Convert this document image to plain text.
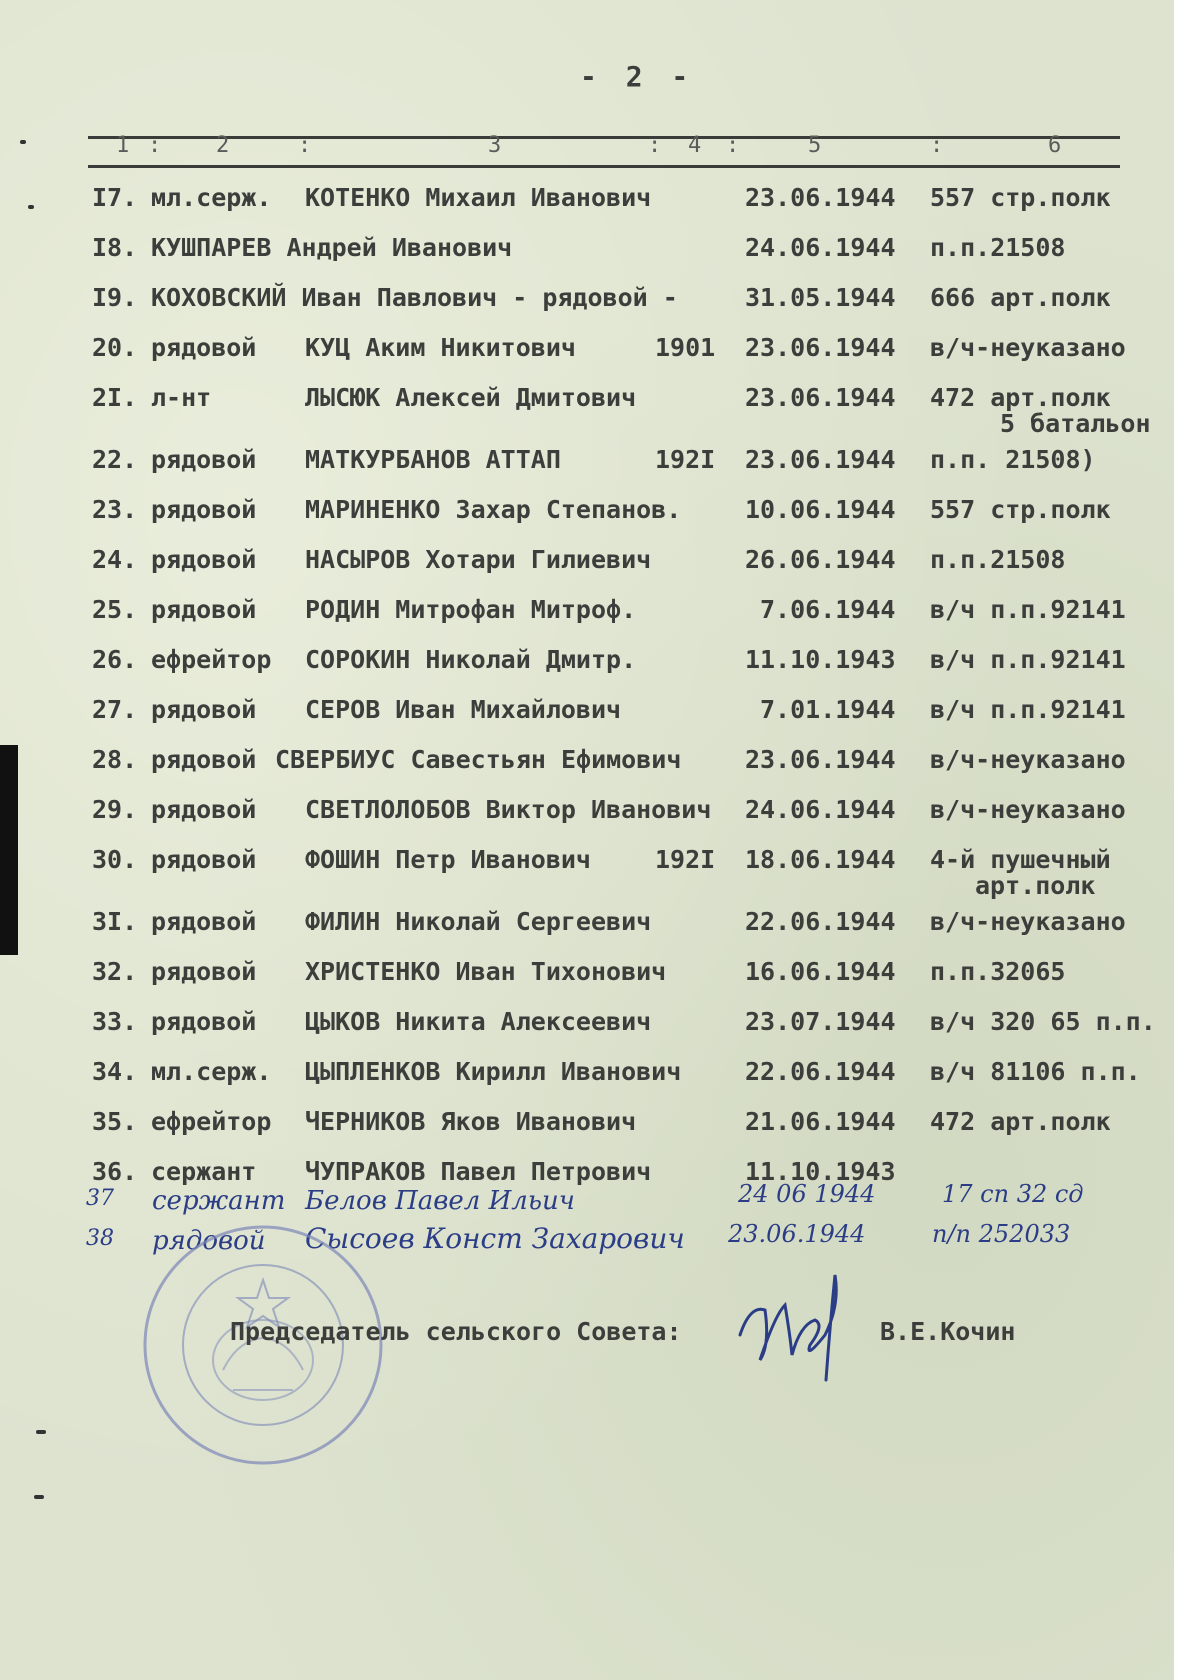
- 2 -
1 : 2	:	3	: 4 :	5	:	6
I7. мл.серж. КОТЕНКО Михаил Иванович	23.06.1944 557 стр.полк
I8. КУШПАРЕВ Андрей Иванович	24.06.1944 п.п.21508
I9. КОХОВСКИЙ Иван Павлович - рядовой -	31.05.1944 666 арт.полк
20. рядовой КУЦ Аким Никитович	1901 23.06.1944 в/ч-неуказано
2I. л-нт	ЛЫСЮК Алексей Дмитович	23.06.1944 472 арт.полк
5 батальон
22. рядовой МАТКУРБАНОВ АТТАП	192I 23.06.1944 п.п. 21508)
23. рядовой МАРИНЕНКО Захар Степанов.	10.06.1944 557 стр.полк
24. рядовой НАСЫРОВ Хотари Гилиевич	26.06.1944 п.п.21508
25. рядовой РОДИН Митрофан Митроф.	7.06.1944 в/ч п.п.92141
26. ефрейтор СОРОКИН Николай Дмитр.	11.10.1943 в/ч п.п.92141
27. рядовой СЕРОВ Иван Михайлович	7.01.1944 в/ч п.п.92141
28. рядовой СВЕРБИУС Савестьян Ефимович	23.06.1944 в/ч-неуказано
29. рядовой СВЕТЛОЛОБОВ Виктор Иванович 24.06.1944 в/ч-неуказано
30. рядовой ФОШИН Петр Иванович	192I 18.06.1944 4-й пушечный
арт.полк
3I. рядовой ФИЛИН Николай Сергеевич	22.06.1944 в/ч-неуказано
32. рядовой ХРИСТЕНКО Иван Тихонович	16.06.1944 п.п.32065
33. рядовой ЦЫКОВ Никита Алексеевич	23.07.1944 в/ч 320 65 п.п.
34. мл.серж. ЦЫПЛЕНКОВ Кирилл Иванович	22.06.1944 в/ч 81106 п.п.
35. ефрейтор ЧЕРНИКОВ Яков Иванович	21.06.1944 472 арт.полк
36. сержант ЧУПРАКОВ Павел Петрович	11.10.1943
37 сержант Белов Павел Ильич	24 06 1944	17 сп 32 сд
38 рядовой Сысоев Конст Захарович 23.06.1944	п/п 252033
Председатель сельского Совета:	В.Е.Кочин
